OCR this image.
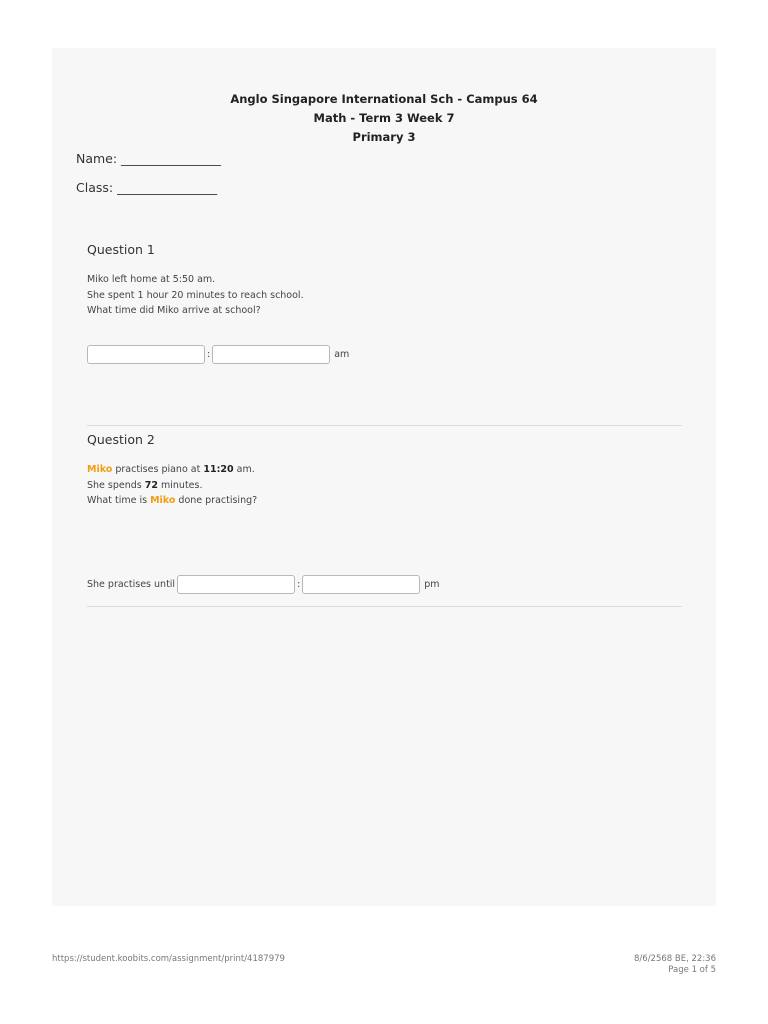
Anglo Singapore International Sch - Campus 64
Math - Term 3 Week 7
Primary 3
Name: ________________
Class: ________________
Question 1
Miko left home at 5:50 am.
She spent 1 hour 20 minutes to reach school.
What time did Miko arrive at school?
:	am
Question 2
Miko practises piano at 11:20 am.
She spends 72 minutes.
What time is Miko done practising?
She practises until	:	pm
https://student.koobits.com/assignment/print/4187979	8/6/2568 BE, 22:36
Page 1 of 5
